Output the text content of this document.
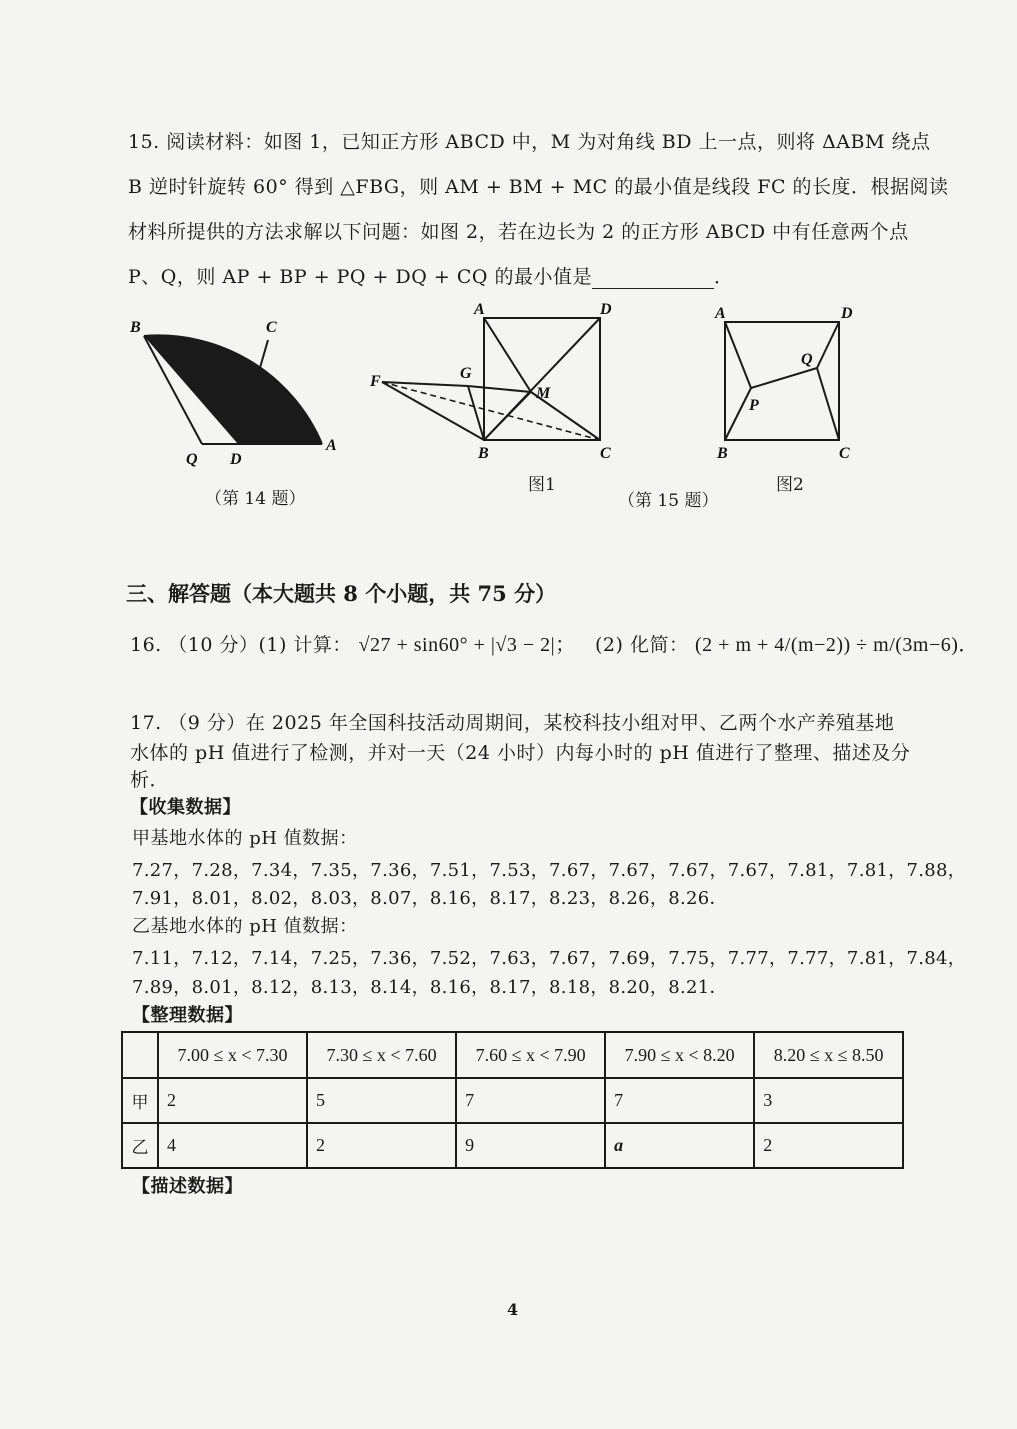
15. 阅读材料：如图 1，已知正方形 ABCD 中，M 为对角线 BD 上一点，则将 ΔABM 绕点
B 逆时针旋转 60° 得到 △FBG，则 AM + BM + MC 的最小值是线段 FC 的长度．根据阅读
材料所提供的方法求解以下问题：如图 2，若在边长为 2 的正方形 ABCD 中有任意两个点
P、Q，则 AP + BP + PQ + DQ + CQ 的最小值是	．
B	C
Q D
A
（第 14 题）
A	D
F	G
M
B	C
图1
A	D
Q
P
B	C
图2
（第 15 题）
三、解答题（本大题共 8 个小题，共 75 分）
16. （10 分）(1) 计算： √27 + sin60° + |√3 − 2|； (2) 化简： (2 + m + 4/(m−2)) ÷ m/(3m−6)．
17. （9 分）在 2025 年全国科技活动周期间，某校科技小组对甲、乙两个水产养殖基地
水体的 pH 值进行了检测，并对一天（24 小时）内每小时的 pH 值进行了整理、描述及分
析．
【收集数据】
甲基地水体的 pH 值数据：
7.27，7.28，7.34，7.35，7.36，7.51，7.53，7.67，7.67，7.67，7.67，7.81，7.81，7.88，
7.91，8.01，8.02，8.03，8.07，8.16，8.17，8.23，8.26，8.26．
乙基地水体的 pH 值数据：
7.11，7.12，7.14，7.25，7.36，7.52，7.63，7.67，7.69，7.75，7.77，7.77，7.81，7.84，
7.89，8.01，8.12，8.13，8.14，8.16，8.17，8.18，8.20，8.21．
【整理数据】
	7.00 ≤ x < 7.30	7.30 ≤ x < 7.60	7.60 ≤ x < 7.90	7.90 ≤ x < 8.20	8.20 ≤ x ≤ 8.50
甲	2	5	7	7	3
乙	4	2	9	a	2
【描述数据】
4
